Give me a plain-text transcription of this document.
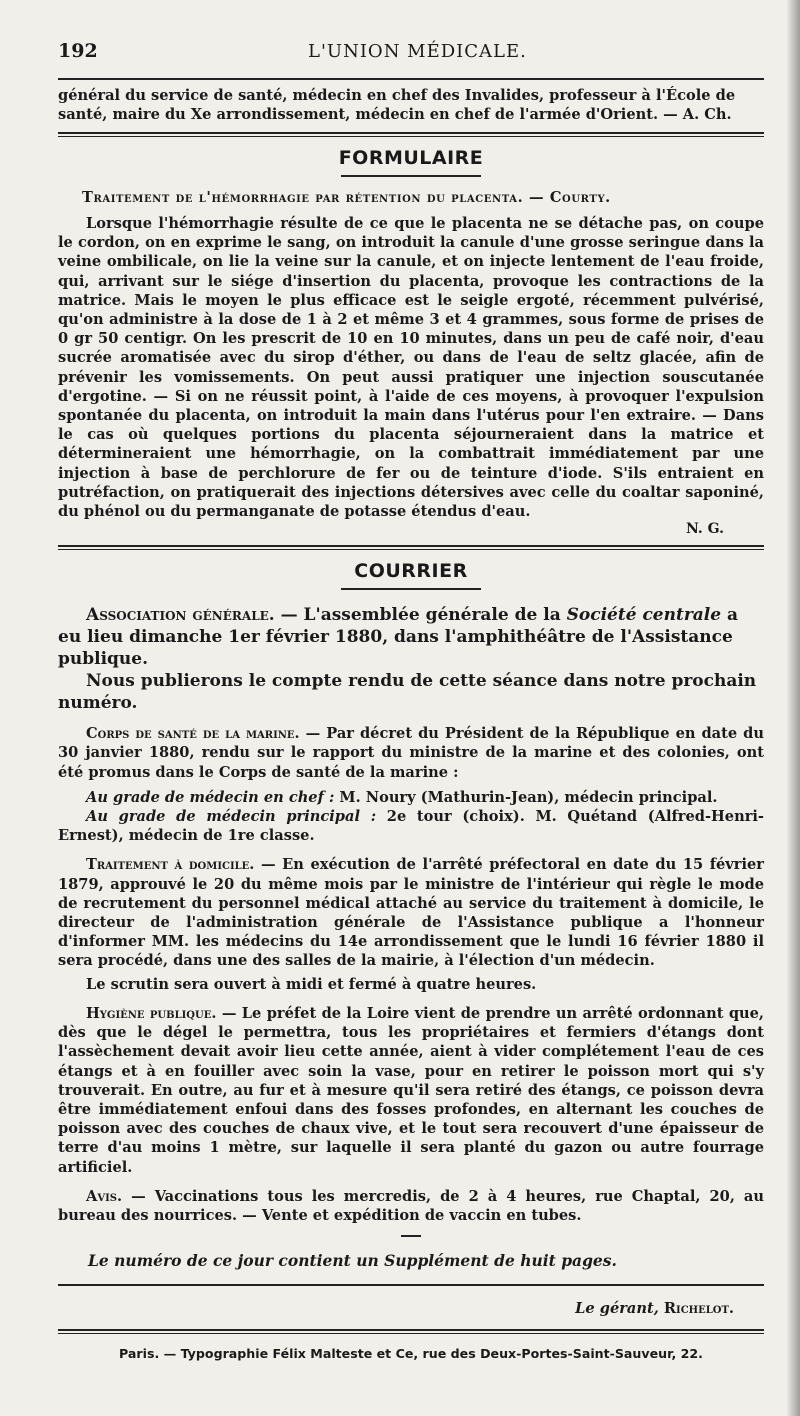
192	L'UNION MÉDICALE.

général du service de santé, médecin en chef des Invalides, professeur à l'École de santé, maire du Xe arrondissement, médecin en chef de l'armée d'Orient. — A. Ch.

FORMULAIRE
Traitement de l'hémorrhagie par rétention du placenta. — Courty.

Lorsque l'hémorrhagie résulte de ce que le placenta ne se détache pas, on coupe le cordon, on en exprime le sang, on introduit la canule d'une grosse seringue dans la veine ombilicale, on lie la veine sur la canule, et on injecte lentement de l'eau froide, qui, arrivant sur le siége d'insertion du placenta, provoque les contractions de la matrice. Mais le moyen le plus efficace est le seigle ergoté, récemment pulvérisé, qu'on administre à la dose de 1 à 2 et même 3 et 4 grammes, sous forme de prises de 0 gr 50 centigr. On les prescrit de 10 en 10 minutes, dans un peu de café noir, d'eau sucrée aromatisée avec du sirop d'éther, ou dans de l'eau de seltz glacée, afin de prévenir les vomissements. On peut aussi pratiquer une injection souscutanée d'ergotine. — Si on ne réussit point, à l'aide de ces moyens, à provoquer l'expulsion spontanée du placenta, on introduit la main dans l'utérus pour l'en extraire. — Dans le cas où quelques portions du placenta séjourneraient dans la matrice et détermineraient une hémorrhagie, on la combattrait immédiatement par une injection à base de perchlorure de fer ou de teinture d'iode. S'ils entraient en putréfaction, on pratiquerait des injections détersives avec celle du coaltar saponiné, du phénol ou du permanganate de potasse étendus d'eau.

N. G.
COURRIER

Association générale. — L'assemblée générale de la Société centrale a eu lieu dimanche 1er février 1880, dans l'amphithéâtre de l'Assistance publique.

Nous publierons le compte rendu de cette séance dans notre prochain numéro.

Corps de santé de la marine. — Par décret du Président de la République en date du 30 janvier 1880, rendu sur le rapport du ministre de la marine et des colonies, ont été promus dans le Corps de santé de la marine :

Au grade de médecin en chef : M. Noury (Mathurin-Jean), médecin principal.

Au grade de médecin principal : 2e tour (choix). M. Quétand (Alfred-Henri-Ernest), médecin de 1re classe.

Traitement à domicile. — En exécution de l'arrêté préfectoral en date du 15 février 1879, approuvé le 20 du même mois par le ministre de l'intérieur qui règle le mode de recrutement du personnel médical attaché au service du traitement à domicile, le directeur de l'administration générale de l'Assistance publique a l'honneur d'informer MM. les médecins du 14e arrondissement que le lundi 16 février 1880 il sera procédé, dans une des salles de la mairie, à l'élection d'un médecin.

Le scrutin sera ouvert à midi et fermé à quatre heures.

Hygiène publique. — Le préfet de la Loire vient de prendre un arrêté ordonnant que, dès que le dégel le permettra, tous les propriétaires et fermiers d'étangs dont l'assèchement devait avoir lieu cette année, aient à vider complétement l'eau de ces étangs et à en fouiller avec soin la vase, pour en retirer le poisson mort qui s'y trouverait. En outre, au fur et à mesure qu'il sera retiré des étangs, ce poisson devra être immédiatement enfoui dans des fosses profondes, en alternant les couches de poisson avec des couches de chaux vive, et le tout sera recouvert d'une épaisseur de terre d'au moins 1 mètre, sur laquelle il sera planté du gazon ou autre fourrage artificiel.

Avis. — Vaccinations tous les mercredis, de 2 à 4 heures, rue Chaptal, 20, au bureau des nourrices. — Vente et expédition de vaccin en tubes.

Le numéro de ce jour contient un Supplément de huit pages.
Le gérant, Richelot.
Paris. — Typographie Félix Malteste et Ce, rue des Deux-Portes-Saint-Sauveur, 22.
